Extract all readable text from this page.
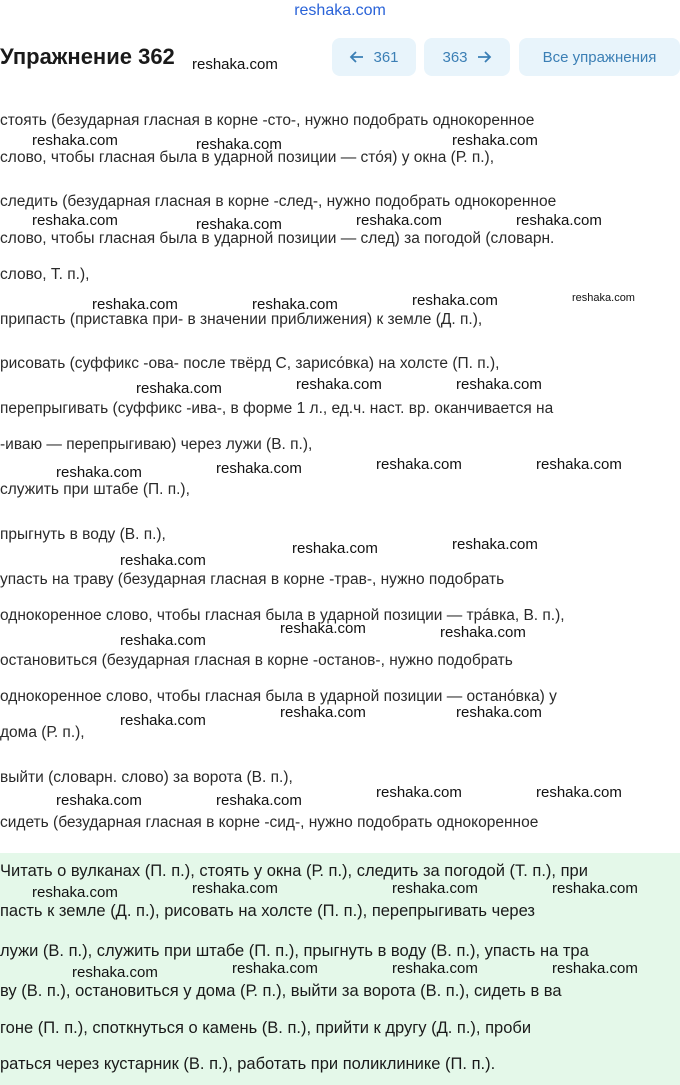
reshaka.com
Упражнение 362 reshaka.com	361	363	Все упражнения
стоять (безударная гласная в корне -сто-, нужно подобрать однокоренное
слово, чтобы гласная была в ударной позиции — сто́я) у окна (Р. п.),
следить (безударная гласная в корне -след-, нужно подобрать однокоренное
слово, чтобы гласная была в ударной позиции — след) за погодой (словарн.
слово, Т. п.),
припасть (приставка при- в значении приближения) к земле (Д. п.),
рисовать (суффикс -ова- после твёрд С, зарисо́вка) на холсте (П. п.),
перепрыгивать (суффикс -ива-, в форме 1 л., ед.ч. наст. вр. оканчивается на
-иваю — перепрыгиваю) через лужи (В. п.),
служить при штабе (П. п.),
прыгнуть в воду (В. п.),
упасть на траву (безударная гласная в корне -трав-, нужно подобрать
однокоренное слово, чтобы гласная была в ударной позиции — тра́вка, В. п.),
остановиться (безударная гласная в корне -останов-, нужно подобрать
однокоренное слово, чтобы гласная была в ударной позиции — остано́вка) у
дома (Р. п.),
выйти (словарн. слово) за ворота (В. п.),
сидеть (безударная гласная в корне -сид-, нужно подобрать однокоренное
Читать о вулканах (П. п.), стоять у окна (Р. п.), следить за погодой (Т. п.), при
пасть к земле (Д. п.), рисовать на холсте (П. п.), перепрыгивать через
лужи (В. п.), служить при штабе (П. п.), прыгнуть в воду (В. п.), упасть на тра
ву (В. п.), остановиться у дома (Р. п.), выйти за ворота (В. п.), сидеть в ва
гоне (П. п.), споткнуться о камень (В. п.), прийти к другу (Д. п.), проби
раться через кустарник (В. п.), работать при поликлинике (П. п.).
reshaka.com	reshaka.com	reshaka.com
reshaka.com	reshaka.com	reshaka.com	reshaka.com
reshaka.com	reshaka.com	reshaka.com	reshaka.com
reshaka.com	reshaka.com	reshaka.com
reshaka.com	reshaka.com	reshaka.com	reshaka.com
reshaka.com
reshaka.com	reshaka.com
reshaka.com
reshaka.com	reshaka.com
reshaka.com	reshaka.com	reshaka.com
reshaka.com	reshaka.com	reshaka.com	reshaka.com
reshaka.com	reshaka.com	reshaka.com	reshaka.com
reshaka.com	reshaka.com	reshaka.com	reshaka.com
